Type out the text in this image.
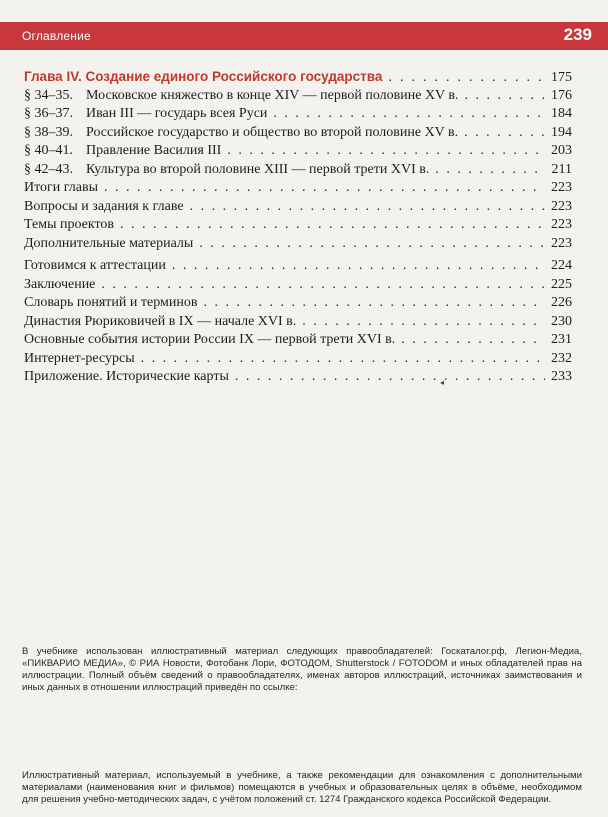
Оглавление	239
Глава IV. Создание единого Российского государства . . .	175
§ 34–35. Московское княжество в конце XIV — первой половине XV в. . . .	176
§ 36–37. Иван III — государь всея Руси . . .	184
§ 38–39. Российское государство и общество во второй половине XV в. . . .	194
§ 40–41. Правление Василия III . . .	203
§ 42–43. Культура во второй половине XIII — первой трети XVI в. . . .	211
Итоги главы . . .	223
Вопросы и задания к главе . . .	223
Темы проектов . . .	223
Дополнительные материалы . . .	223
Готовимся к аттестации . . .	224
Заключение . . .	225
Словарь понятий и терминов . . .	226
Династия Рюриковичей в IX — начале XVI в. . . .	230
Основные события истории России IX — первой трети XVI в. . . .	231
Интернет-ресурсы . . .	232
Приложение. Исторические карты . . .	233
◂
В учебнике использован иллюстративный материал следующих правообладателей: Госкаталог.рф, Легион-Медиа, «ПИКВАРИО МЕДИА», © РИА Новости, Фотобанк Лори, ФОТОДОМ, Shutterstock / FOTODOM и иных обладателей прав на иллюстрации. Полный объём сведений о правообладателях, именах авторов иллюстраций, источниках заимствования и иных данных в отношении иллюстраций приведён по ссылке:
Иллюстративный материал, используемый в учебнике, а также рекомендации для ознакомления с дополнительными материалами (наименования книг и фильмов) помещаются в учебных и образовательных целях в объёме, необходимом для решения учебно-методических задач, с учётом положений ст. 1274 Гражданского кодекса Российской Федерации.
